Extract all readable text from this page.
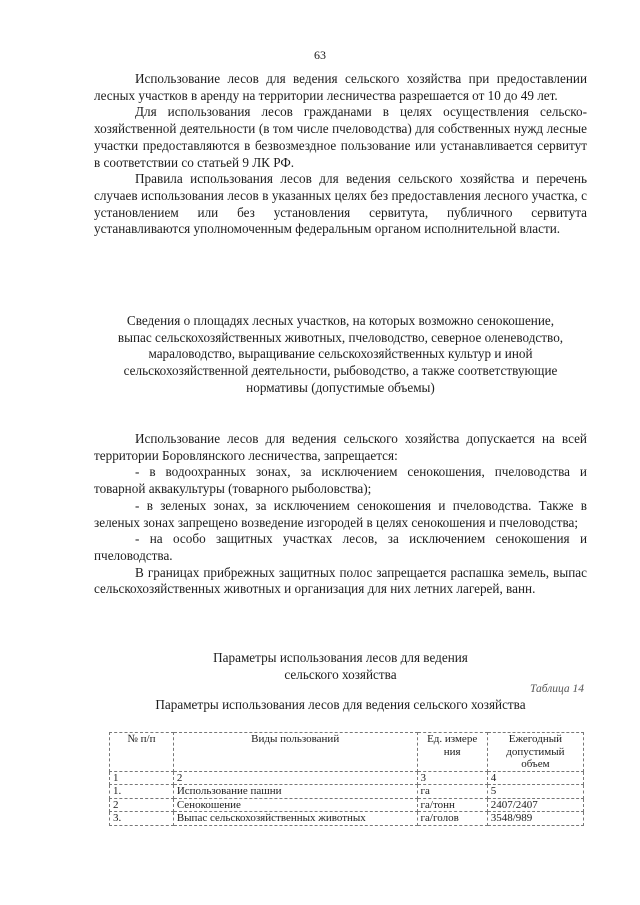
63

Использование лесов для ведения сельского хозяйства при предоставлении лесных участков в аренду на территории лесничества разрешается от 10 до 49 лет.

Для использования лесов гражданами в целях осуществления сельско-хозяйственной деятельности (в том числе пчеловодства) для собственных нужд лесные участки предоставляются в безвозмездное пользование или устанавливается сервитут в соответствии со статьей 9 ЛК РФ.

Правила использования лесов для ведения сельского хозяйства и перечень случаев использования лесов в указанных целях без предоставления лесного участка, с установлением или без установления сервитута, публичного сервитута устанавливаются уполномоченным федеральным органом исполнительной власти.

Сведения о площадях лесных участков, на которых возможно сенокошение, выпас сельскохозяйственных животных, пчеловодство, северное оленеводство, мараловодство, выращивание сельскохозяйственных культур и иной сельскохозяйственной деятельности, рыбоводство, а также соответствующие нормативы (допустимые объемы)

Использование лесов для ведения сельского хозяйства допускается на всей территории Боровлянского лесничества, запрещается:

- в водоохранных зонах, за исключением сенокошения, пчеловодства и товарной аквакультуры (товарного рыболовства);

- в зеленых зонах, за исключением сенокошения и пчеловодства. Также в зеленых зонах запрещено возведение изгородей в целях сенокошения и пчеловодства;

- на особо защитных участках лесов, за исключением сенокошения и пчеловодства.

В границах прибрежных защитных полос запрещается распашка земель, выпас сельскохозяйственных животных и организация для них летних лагерей, ванн.

Параметры использования лесов для ведения
сельского хозяйства

Таблица 14
Параметры использования лесов для ведения сельского хозяйства
№ п/п	Виды пользований	Ед. измере ния	Ежегодный допустимый объем
1	2	3	4
1.	Использование пашни	га	5
2	Сенокошение	га/тонн	2407/2407
3.	Выпас сельскохозяйственных животных	га/голов	3548/989
